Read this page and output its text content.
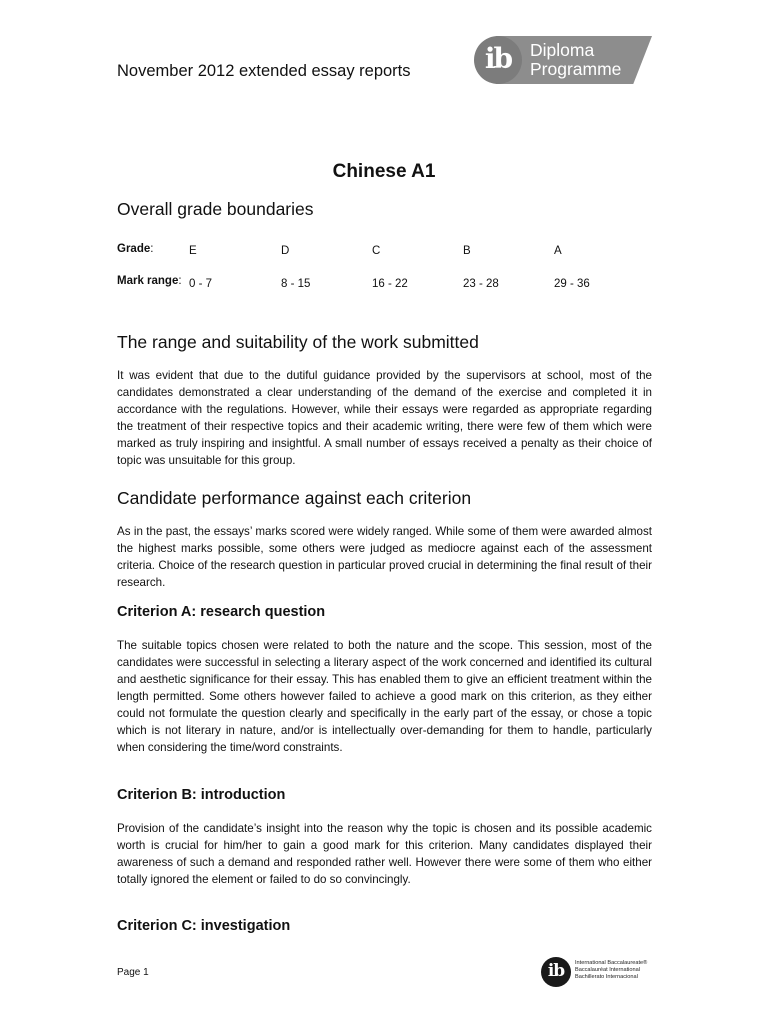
November 2012 extended essay reports	ib	Diploma
Programme
Chinese A1
Overall grade boundaries
Grade:	E	D	C	B	A
Mark range: 0 - 7	8 - 15	16 - 22	23 - 28	29 - 36
The range and suitability of the work submitted
It was evident that due to the dutiful guidance provided by the supervisors at school, most of the candidates demonstrated a clear understanding of the demand of the exercise and completed it in accordance with the regulations. However, while their essays were regarded as appropriate regarding the treatment of their respective topics and their academic writing, there were few of them which were marked as truly inspiring and insightful. A small number of essays received a penalty as their choice of topic was unsuitable for this group.
Candidate performance against each criterion
As in the past, the essays’ marks scored were widely ranged. While some of them were awarded almost the highest marks possible, some others were judged as mediocre against each of the assessment criteria. Choice of the research question in particular proved crucial in determining the final result of their research.
Criterion A: research question
The suitable topics chosen were related to both the nature and the scope. This session, most of the candidates were successful in selecting a literary aspect of the work concerned and identified its cultural and aesthetic significance for their essay. This has enabled them to give an efficient treatment within the length permitted. Some others however failed to achieve a good mark on this criterion, as they either could not formulate the question clearly and specifically in the early part of the essay, or chose a topic which is not literary in nature, and/or is intellectually over-demanding for them to handle, particularly when considering the time/word constraints.
Criterion B: introduction
Provision of the candidate’s insight into the reason why the topic is chosen and its possible academic worth is crucial for him/her to gain a good mark for this criterion. Many candidates displayed their awareness of such a demand and responded rather well. However there were some of them who either totally ignored the element or failed to do so convincingly.
Criterion C: investigation
Page 1	ib	International Baccalaureate®
Baccalauréat International
Bachillerato Internacional
